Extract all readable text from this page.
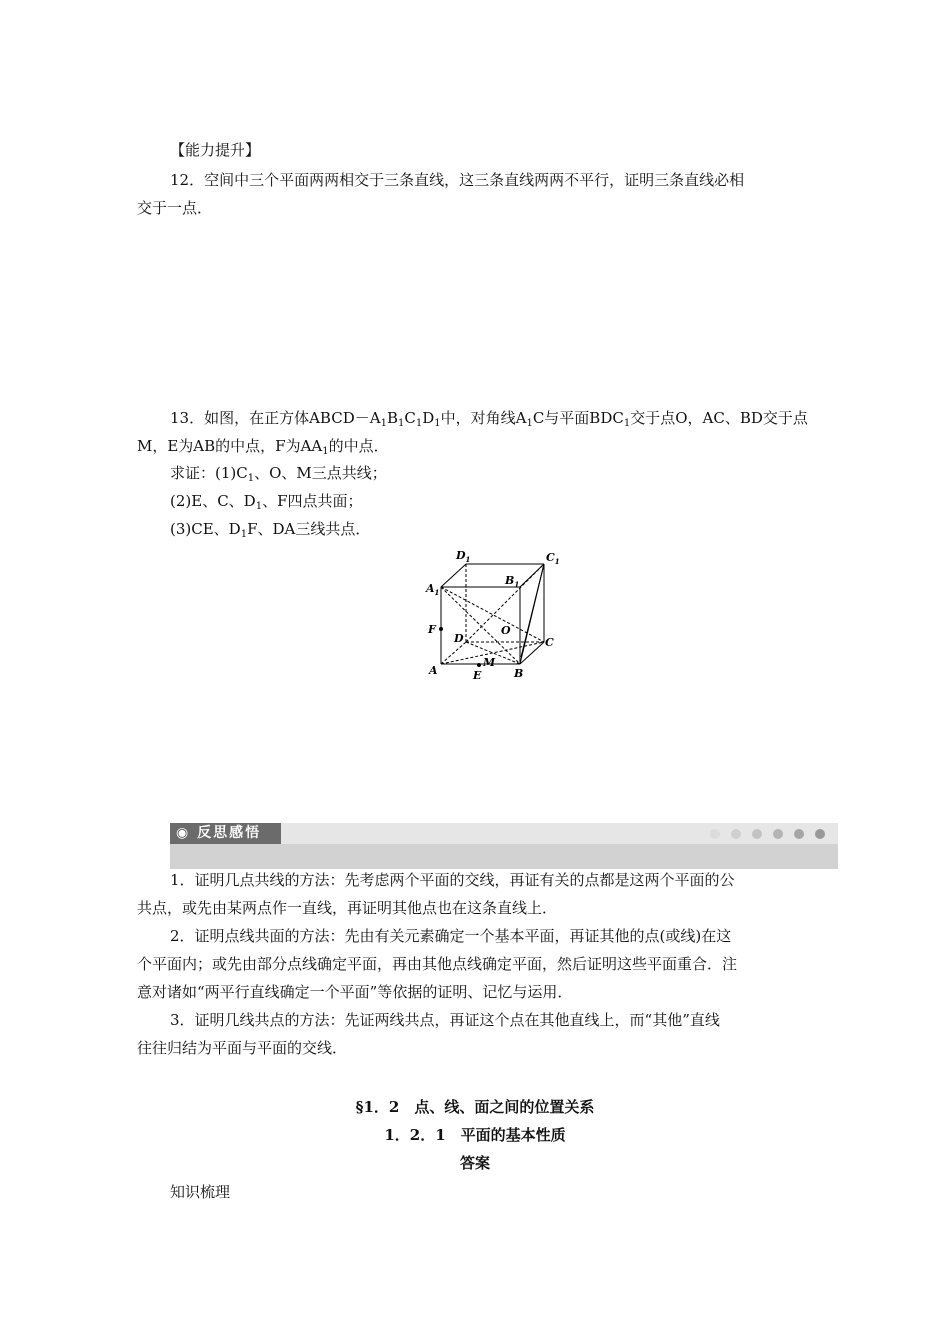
【能力提升】
12．空间中三个平面两两相交于三条直线，这三条直线两两不平行，证明三条直线必相
交于一点．
13．如图，在正方体$ABCD-A_1B_1C_1D_1$中，对角线$A_1C$与平面$BDC_1$交于点O，AC、BD交于点
M，E为AB的中点，F为$AA_1$的中点．
求证：$(1)C_1$、O、M三点共线；
(2)E、C、$D_1$、F四点共面；
(3)CE、$D_1F$、DA三线共点．
$D_1$	$C_1$
$A_1$
$B_1$
F
D
O
C
A
M
E	B
◉ 反思感悟
1．证明几点共线的方法：先考虑两个平面的交线，再证有关的点都是这两个平面的公
共点，或先由某两点作一直线，再证明其他点也在这条直线上．
2．证明点线共面的方法：先由有关元素确定一个基本平面，再证其他的点(或线)在这
个平面内；或先由部分点线确定平面，再由其他点线确定平面，然后证明这些平面重合．注
意对诸如“两平行直线确定一个平面”等依据的证明、记忆与运用．
3．证明几线共点的方法：先证两线共点，再证这个点在其他直线上，而“其他”直线
往往归结为平面与平面的交线．
§1．2　点、线、面之间的位置关系
1．2．1　平面的基本性质
答案
知识梳理
